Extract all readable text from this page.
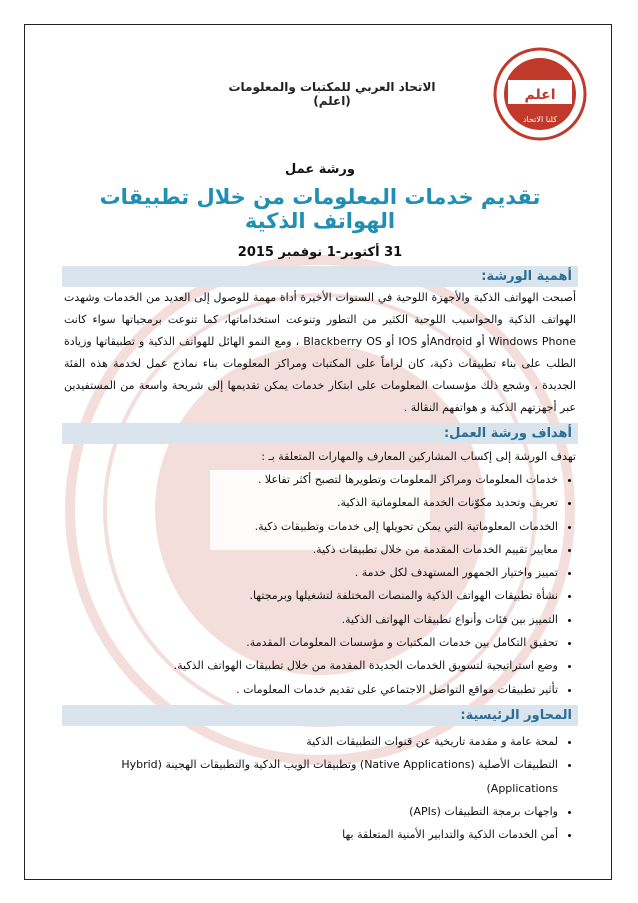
اعلم
كلنا الاتحاد
الاتحاد العربي للمكتبات والمعلومات (اعلم)
ورشة عمل
تقديم خدمات المعلومات من خلال تطبيقات الهواتف الذكية
31 أكتوبر-1 نوفمبر 2015
أهمية الورشة:
أصبحت الهواتف الذكية والأجهزة اللوحية في السنوات الأخيرة أداة مهمة للوصول إلى العديد من الخدمات وشهدت الهواتف الذكية والحواسيب اللوحية الكثير من التطور وتنوعت استخداماتها، كما تنوعت برمجياتها سواء كانت Windows Phone أو Androidأو IOS أو Blackberry OS ، ومع النمو الهائل للهواتف الذكية و تطبيقاتها وزيادة الطلب على بناء تطبيقات ذكية، كان لزاماً على المكتبات ومراكز المعلومات بناء نماذج عمل لخدمة هذه الفئة الجديدة ، وشجع ذلك مؤسسات المعلومات على ابتكار خدمات يمكن تقديمها إلى شريحة واسعة من المستفيدين عبر أجهزتهم الذكية و هواتفهم النقالة .
أهداف ورشة العمل:
تهدف الورشة إلى إكساب المشاركين المعارف والمهارات المتعلقة بـ :
• خدمات المعلومات ومراكز المعلومات وتطويرها لتصبح أكثر تفاعلا .
• تعريف وتحديد مكوّنات الخدمة المعلوماتية الذكية.
• الخدمات المعلوماتية التي يمكن تحويلها إلى خدمات وتطبيقات ذكية.
• معايير تقييم الخدمات المقدمة من خلال تطبيقات ذكية.
• تمييز واختيار الجمهور المستهدف لكل خدمة .
• نشأة تطبيقات الهواتف الذكية والمنصات المختلفة لتشغيلها وبرمجتها.
• التمييز بين فئات وأنواع تطبيقات الهواتف الذكية.
• تحقيق التكامل بين خدمات المكتبات و مؤسسات المعلومات المقدمة.
• وضع استراتيجية لتسويق الخدمات الجديدة المقدمة من خلال تطبيقات الهواتف الذكية.
• تأثير تطبيقات مواقع التواصل الاجتماعي على تقديم خدمات المعلومات .
المحاور الرئيسية:
• لمحة عامة و مقدمة تاريخية عن قنوات التطبيقات الذكية
• التطبيقات الأصلية (Native Applications) وتطبيقات الويب الذكية والتطبيقات الهجينة (Hybrid Applications)
• واجهات برمجة التطبيقات (APIs)
• أمن الخدمات الذكية والتدابير الأمنية المتعلقة بها
